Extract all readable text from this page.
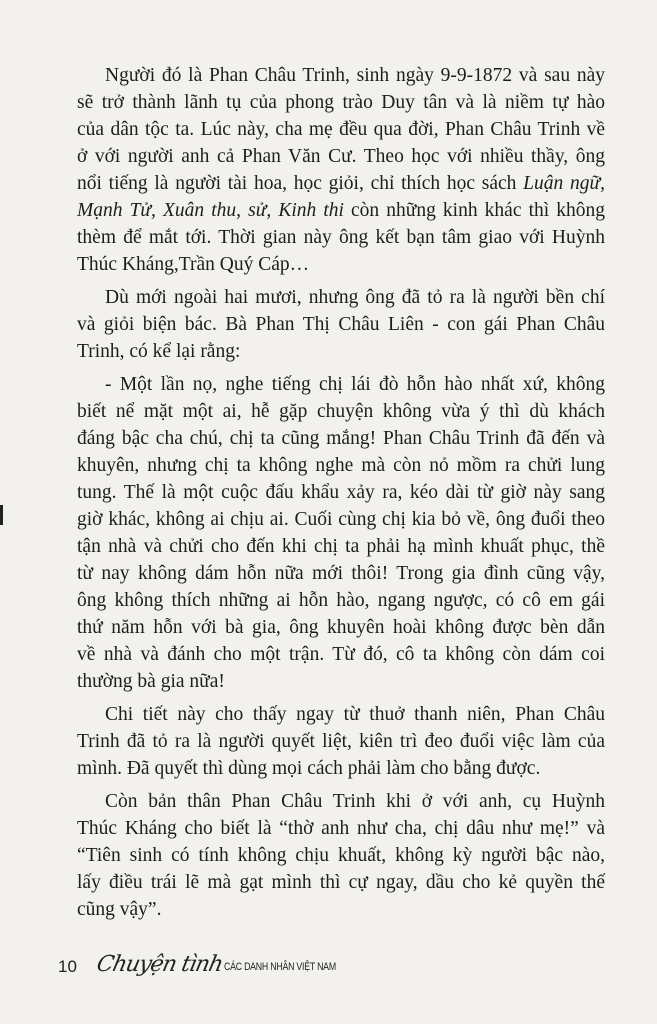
Người đó là Phan Châu Trinh, sinh ngày 9-9-1872 và sau này
sẽ trở thành lãnh tụ của phong trào Duy tân và là niềm tự hào
của dân tộc ta. Lúc này, cha mẹ đều qua đời, Phan Châu Trinh về
ở với người anh cả Phan Văn Cư. Theo học với nhiều thầy, ông
nổi tiếng là người tài hoa, học giỏi, chỉ thích học sách Luận ngữ,
Mạnh Tử, Xuân thu, sử, Kinh thi còn những kinh khác thì không
thèm để mắt tới. Thời gian này ông kết bạn tâm giao với Huỳnh
Thúc Kháng,Trần Quý Cáp…
Dù mới ngoài hai mươi, nhưng ông đã tỏ ra là người bền chí
và giỏi biện bác. Bà Phan Thị Châu Liên - con gái Phan Châu
Trinh, có kể lại rằng:
- Một lần nọ, nghe tiếng chị lái đò hỗn hào nhất xứ, không
biết nể mặt một ai, hễ gặp chuyện không vừa ý thì dù khách
đáng bậc cha chú, chị ta cũng mắng! Phan Châu Trinh đã đến và
khuyên, nhưng chị ta không nghe mà còn nỏ mồm ra chửi lung
tung. Thế là một cuộc đấu khẩu xảy ra, kéo dài từ giờ này sang
giờ khác, không ai chịu ai. Cuối cùng chị kia bỏ về, ông đuổi theo
tận nhà và chửi cho đến khi chị ta phải hạ mình khuất phục, thề
từ nay không dám hỗn nữa mới thôi! Trong gia đình cũng vậy,
ông không thích những ai hỗn hào, ngang ngược, có cô em gái
thứ năm hỗn với bà gia, ông khuyên hoài không được bèn dẫn
về nhà và đánh cho một trận. Từ đó, cô ta không còn dám coi
thường bà gia nữa!
Chi tiết này cho thấy ngay từ thuở thanh niên, Phan Châu
Trinh đã tỏ ra là người quyết liệt, kiên trì đeo đuổi việc làm của
mình. Đã quyết thì dùng mọi cách phải làm cho bằng được.
Còn bản thân Phan Châu Trinh khi ở với anh, cụ Huỳnh
Thúc Kháng cho biết là “thờ anh như cha, chị dâu như mẹ!” và
“Tiên sinh có tính không chịu khuất, không kỳ người bậc nào,
lấy điều trái lẽ mà gạt mình thì cự ngay, dầu cho kẻ quyền thế
cũng vậy”.
10 Chuyện tình CÁC DANH NHÂN VIỆT NAM
